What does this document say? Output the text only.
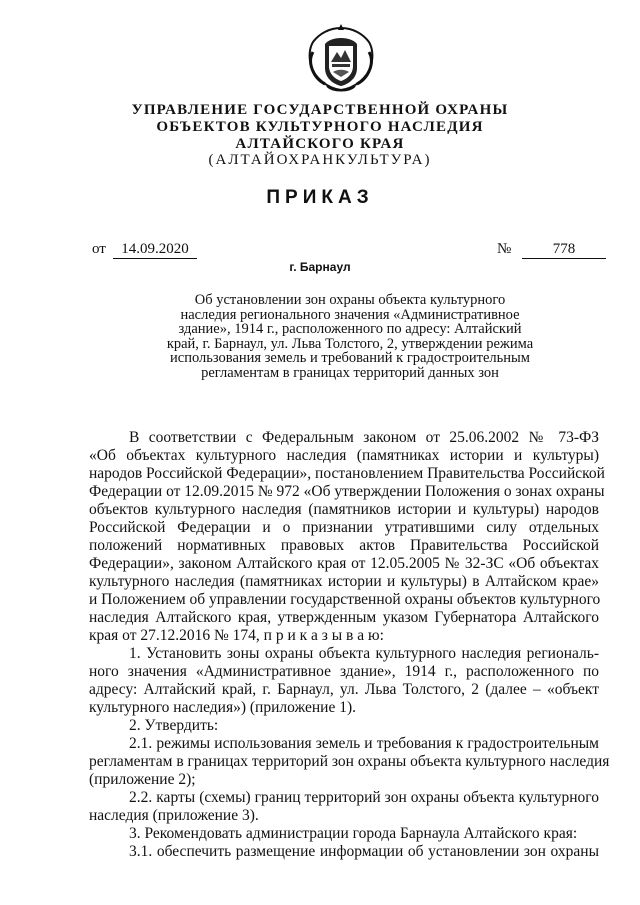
УПРАВЛЕНИЕ ГОСУДАРСТВЕННОЙ ОХРАНЫ
ОБЪЕКТОВ КУЛЬТУРНОГО НАСЛЕДИЯ
АЛТАЙСКОГО КРАЯ
(АЛТАЙОХРАНКУЛЬТУРА)
ПРИКАЗ
от	14.09.2020	№	778
г. Барнаул
Об установлении зон охраны объекта культурного
наследия регионального значения «Административное
здание», 1914 г., расположенного по адресу: Алтайский
край, г. Барнаул, ул. Льва Толстого, 2, утверждении режима
использования земель и требований к градостроительным
регламентам в границах территорий данных зон
В соответствии с Федеральным законом от 25.06.2002 № 73-ФЗ
«Об объектах культурного наследия (памятниках истории и культуры)
народов Российской Федерации», постановлением Правительства Российской
Федерации от 12.09.2015 № 972 «Об утверждении Положения о зонах охраны
объектов культурного наследия (памятников истории и культуры) народов
Российской Федерации и о признании утратившими силу отдельных
положений нормативных правовых актов Правительства Российской
Федерации», законом Алтайского края от 12.05.2005 № 32-ЗС «Об объектах
культурного наследия (памятниках истории и культуры) в Алтайском крае»
и Положением об управлении государственной охраны объектов культурного
наследия Алтайского края, утвержденным указом Губернатора Алтайского
края от 27.12.2016 № 174, п р и к а з ы в а ю:
1. Установить зоны охраны объекта культурного наследия региональ-
ного значения «Административное здание», 1914 г., расположенного по
адресу: Алтайский край, г. Барнаул, ул. Льва Толстого, 2 (далее – «объект
культурного наследия») (приложение 1).
2. Утвердить:
2.1. режимы использования земель и требования к градостроительным
регламентам в границах территорий зон охраны объекта культурного наследия
(приложение 2);
2.2. карты (схемы) границ территорий зон охраны объекта культурного
наследия (приложение 3).
3. Рекомендовать администрации города Барнаула Алтайского края:
3.1. обеспечить размещение информации об установлении зон охраны
